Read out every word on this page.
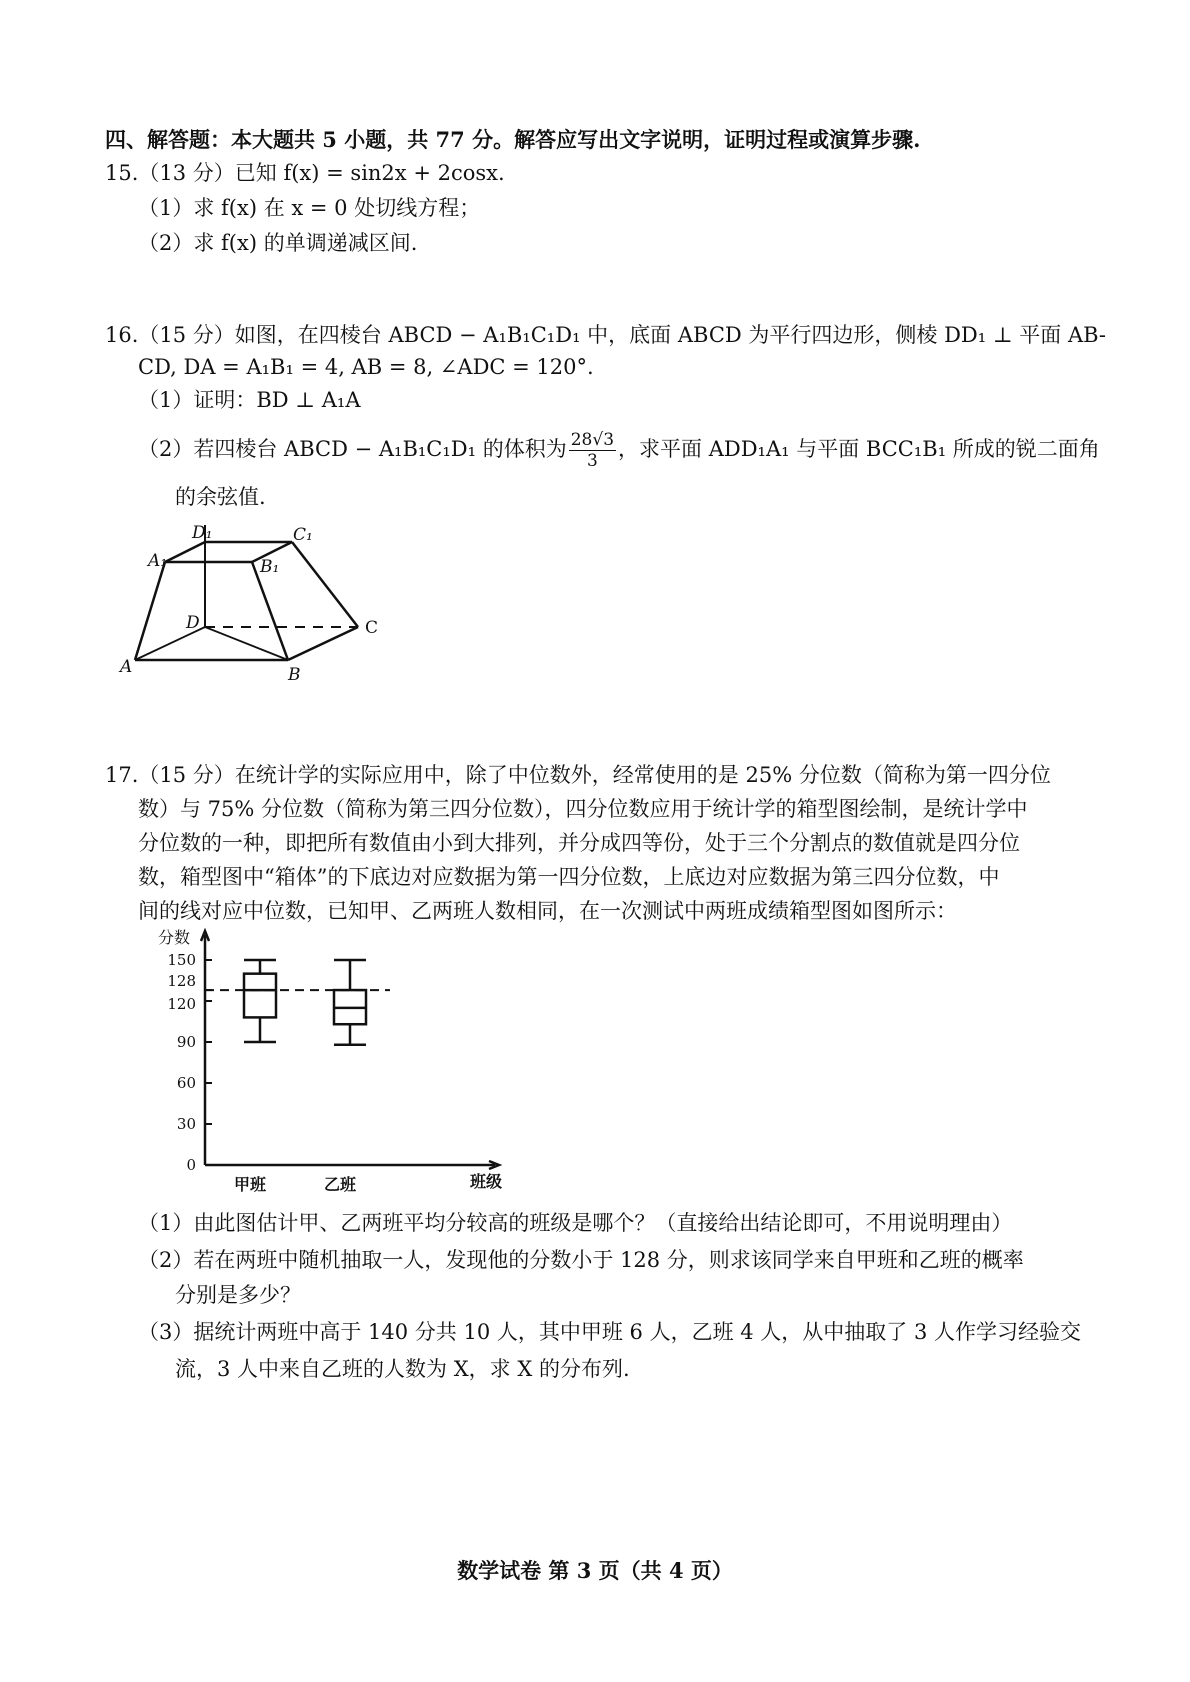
四、解答题：本大题共 5 小题，共 77 分。解答应写出文字说明，证明过程或演算步骤.
15.（13 分）已知 f(x) = sin2x + 2cosx.
（1）求 f(x) 在 x = 0 处切线方程；
（2）求 f(x) 的单调递减区间.
16.（15 分）如图，在四棱台 ABCD − A₁B₁C₁D₁ 中，底面 ABCD 为平行四边形，侧棱 DD₁ ⊥ 平面 AB-
CD, DA = A₁B₁ = 4, AB = 8, ∠ADC = 120°.
（1）证明：BD ⊥ A₁A
（2）若四棱台 ABCD − A₁B₁C₁D₁ 的体积为 $\frac{28√3}{3}$ ，求平面 ADD₁A₁ 与平面 BCC₁B₁ 所成的锐二面角
的余弦值.
D₁	C₁
A₁	B₁
D	C
A	B
17.（15 分）在统计学的实际应用中，除了中位数外，经常使用的是 25% 分位数（简称为第一四分位
数）与 75% 分位数（简称为第三四分位数），四分位数应用于统计学的箱型图绘制，是统计学中
分位数的一种，即把所有数值由小到大排列，并分成四等份，处于三个分割点的数值就是四分位
数，箱型图中“箱体”的下底边对应数据为第一四分位数，上底边对应数据为第三四分位数，中
间的线对应中位数，已知甲、乙两班人数相同，在一次测试中两班成绩箱型图如图所示：
分数
班级
0
30
60
90
120
128
150
甲班	乙班
（1）由此图估计甲、乙两班平均分较高的班级是哪个？（直接给出结论即可，不用说明理由）
（2）若在两班中随机抽取一人，发现他的分数小于 128 分，则求该同学来自甲班和乙班的概率
分别是多少？
（3）据统计两班中高于 140 分共 10 人，其中甲班 6 人，乙班 4 人，从中抽取了 3 人作学习经验交
流，3 人中来自乙班的人数为 X，求 X 的分布列.
数学试卷 第 3 页（共 4 页）
